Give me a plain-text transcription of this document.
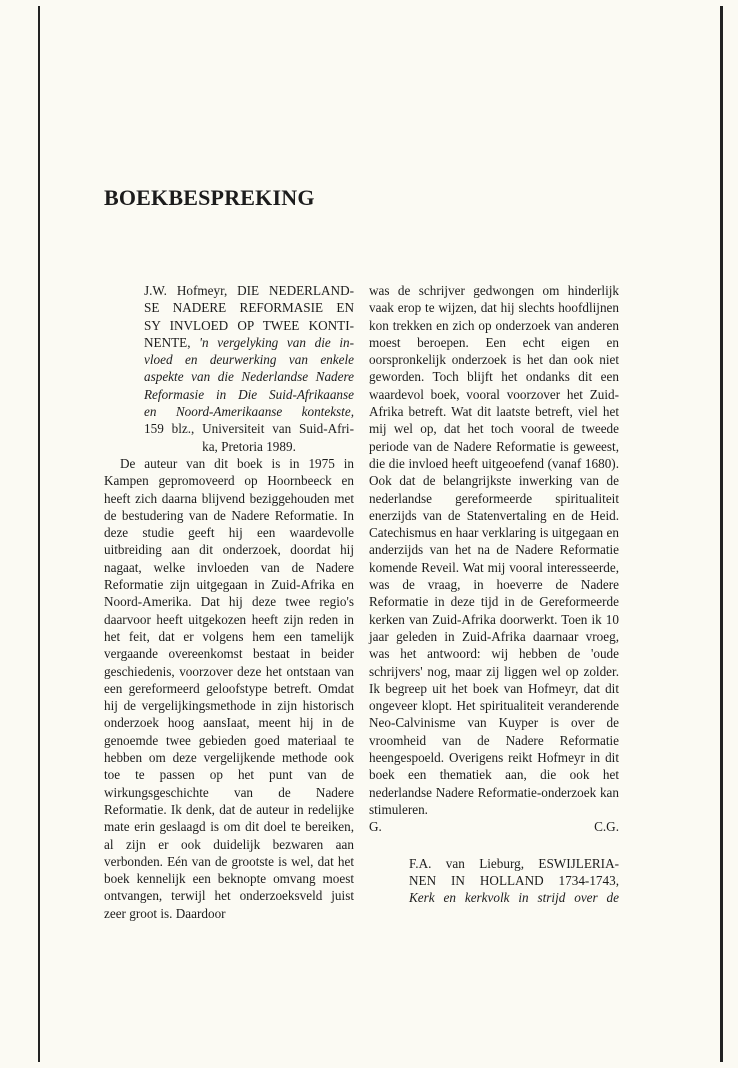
BOEKBESPREKING
J.W. Hofmeyr, DIE NEDERLAND-
SE NADERE REFORMASIE EN
SY INVLOED OP TWEE KONTI-
NENTE, 'n vergelyking van die in-
vloed en deurwerking van enkele
aspekte van die Nederlandse Nadere
Reformasie in Die Suid-Afrikaanse
en Noord-Amerikaanse kontekste,
159 blz., Universiteit van Suid-Afri-
ka, Pretoria 1989.

De auteur van dit boek is in 1975 in Kampen gepromoveerd op Hoornbeeck en heeft zich daarna blijvend beziggehouden met de bestudering van de Nadere Reformatie. In deze studie geeft hij een waardevolle uitbreiding aan dit onderzoek, doordat hij nagaat, welke invloeden van de Nadere Reformatie zijn uitgegaan in Zuid-Afrika en Noord-Amerika. Dat hij deze twee regio's daarvoor heeft uitgekozen heeft zijn reden in het feit, dat er volgens hem een tamelijk vergaande overeenkomst bestaat in beider geschiedenis, voorzover deze het ontstaan van een gereformeerd geloofstype betreft. Omdat hij de vergelijkingsmethode in zijn historisch onderzoek hoog aansIaat, meent hij in de genoemde twee gebieden goed materiaal te hebben om deze vergelijkende methode ook toe te passen op het punt van de wirkungsgeschichte van de Nadere Reformatie. Ik denk, dat de auteur in redelijke mate erin geslaagd is om dit doel te bereiken, al zijn er ook duidelijk bezwaren aan verbonden. Eén van de grootste is wel, dat het boek kennelijk een beknopte omvang moest ontvangen, terwijl het onderzoeksveld juist zeer groot is. Daardoor

was de schrijver gedwongen om hinderlijk vaak erop te wijzen, dat hij slechts hoofdlijnen kon trekken en zich op onderzoek van anderen moest beroepen. Een echt eigen en oorspronkelijk onderzoek is het dan ook niet geworden. Toch blijft het ondanks dit een waardevol boek, vooral voorzover het Zuid-Afrika betreft. Wat dit laatste betreft, viel het mij wel op, dat het toch vooral de tweede periode van de Nadere Reformatie is geweest, die die invloed heeft uitgeoefend (vanaf 1680). Ook dat de belangrijkste inwerking van de nederlandse gereformeerde spiritualiteit enerzijds van de Statenvertaling en de Heid. Catechismus en haar verklaring is uitgegaan en anderzijds van het na de Nadere Reformatie komende Reveil. Wat mij vooral interesseerde, was de vraag, in hoeverre de Nadere Reformatie in deze tijd in de Gereformeerde kerken van Zuid-Afrika doorwerkt. Toen ik 10 jaar geleden in Zuid-Afrika daarnaar vroeg, was het antwoord: wij hebben de 'oude schrijvers' nog, maar zij liggen wel op zolder. Ik begreep uit het boek van Hofmeyr, dat dit ongeveer klopt. Het spiritualiteit veranderende Neo-Calvinisme van Kuyper is over de vroomheid van de Nadere Reformatie heengespoeld. Overigens reikt Hofmeyr in dit boek een thematiek aan, die ook het nederlandse Nadere Reformatie-onderzoek kan stimuleren.

G.	C.G.
F.A. van Lieburg, ESWIJLERIA-
NEN IN HOLLAND 1734-1743,
Kerk en kerkvolk in strijd over de
